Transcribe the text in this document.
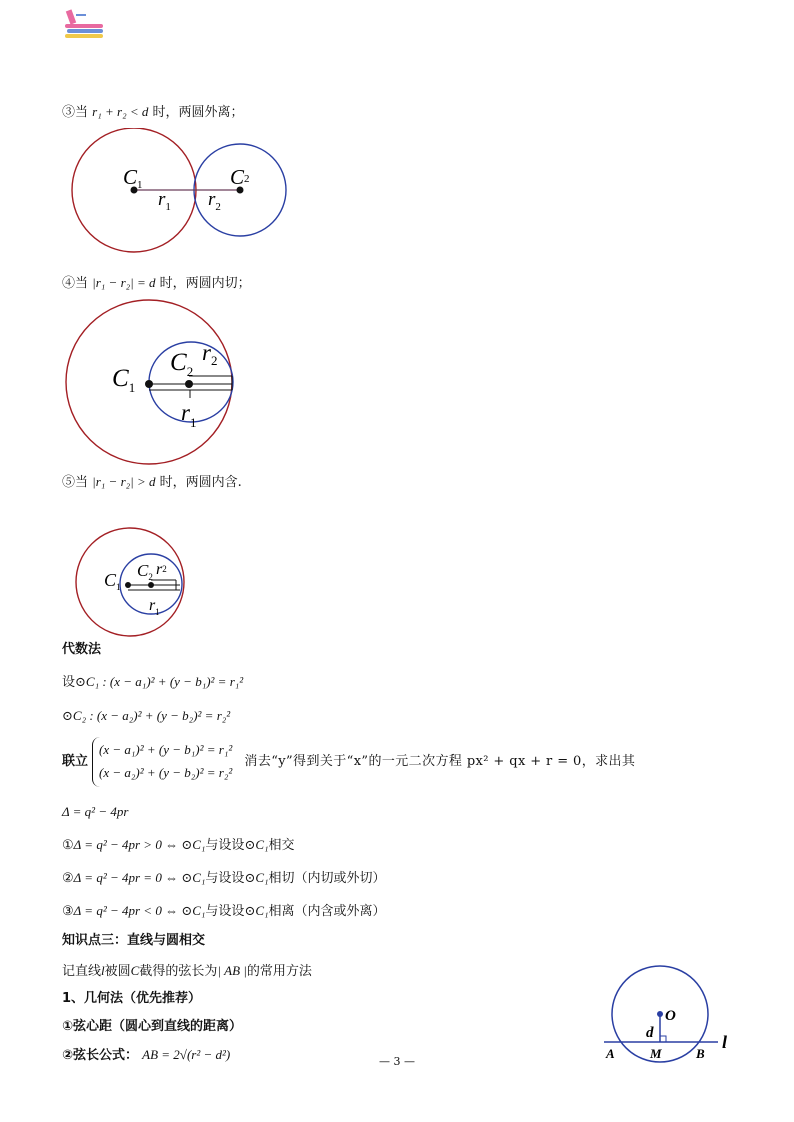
③当 r₁ + r₂ < d 时，两圆外离；
C1	C2
$r_1$ $r_2$
④当 |r₁ − r₂| = d 时，两圆内切；
$C_1$
$C_2$
$r_2$
$r_1$
⑤当 |r₁ − r₂| > d 时，两圆内含.
$C_1$
$C_2$ r2
$r_1$
代数法
设⊙C₁ : (x − a₁)² + (y − b₁)² = r₁²
⊙C₂ : (x − a₂)² + (y − b₂)² = r₂²
联立(x − a₁)² + (y − b₁)² = r₁²
(x − a₂)² + (y − b₂)² = r₂² 消去“y”得到关于“x”的一元二次方程 px² + qx + r = 0，求出其
Δ = q² − 4pr
①Δ = q² − 4pr > 0 ⇔ ⊙C₁与设设⊙C₁相交
②Δ = q² − 4pr = 0 ⇔ ⊙C₁与设设⊙C₁相切（内切或外切）
③Δ = q² − 4pr < 0 ⇔ ⊙C₁与设设⊙C₁相离（内含或外离）
知识点三：直线与圆相交
记直线l被圆C截得的弦长为| AB |的常用方法
1、几何法（优先推荐）
①弦心距（圆心到直线的距离）
②弦长公式： AB = 2√(r² − d²)
O
d
A	M	B
l
— 3 —
